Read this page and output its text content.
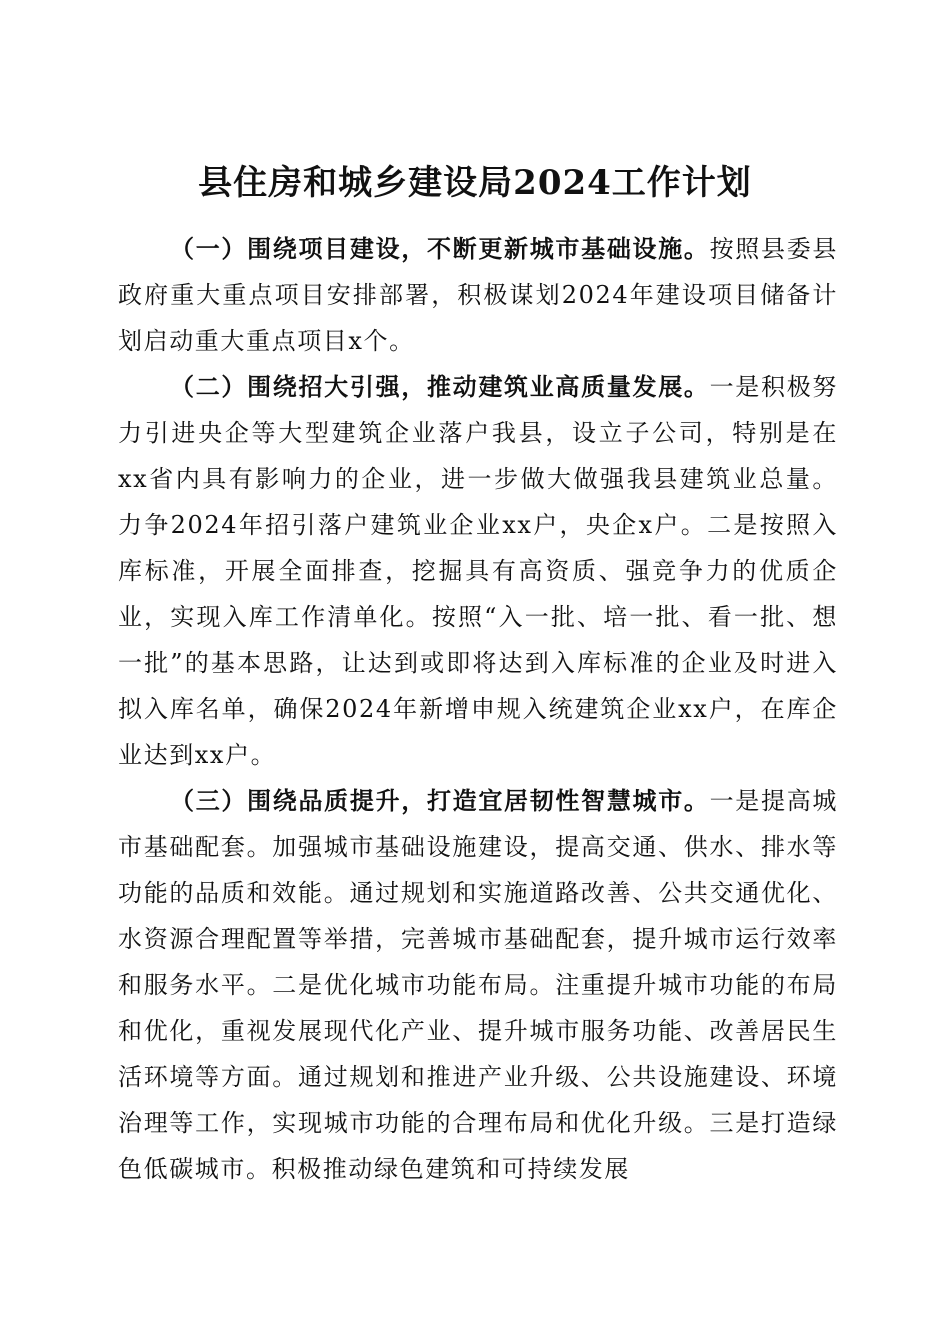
县住房和城乡建设局2024工作计划

（一）围绕项目建设，不断更新城市基础设施。按照县委县政府重大重点项目安排部署，积极谋划2024年建设项目储备计划启动重大重点项目x个。

（二）围绕招大引强，推动建筑业高质量发展。一是积极努力引进央企等大型建筑企业落户我县，设立子公司，特别是在xx省内具有影响力的企业，进一步做大做强我县建筑业总量。力争2024年招引落户建筑业企业xx户，央企x户。二是按照入库标准，开展全面排查，挖掘具有高资质、强竞争力的优质企业，实现入库工作清单化。按照“入一批、培一批、看一批、想一批”的基本思路，让达到或即将达到入库标准的企业及时进入拟入库名单，确保2024年新增申规入统建筑企业xx户，在库企业达到xx户。

（三）围绕品质提升，打造宜居韧性智慧城市。一是提高城市基础配套。加强城市基础设施建设，提高交通、供水、排水等功能的品质和效能。通过规划和实施道路改善、公共交通优化、水资源合理配置等举措，完善城市基础配套，提升城市运行效率和服务水平。二是优化城市功能布局。注重提升城市功能的布局和优化，重视发展现代化产业、提升城市服务功能、改善居民生活环境等方面。通过规划和推进产业升级、公共设施建设、环境治理等工作，实现城市功能的合理布局和优化升级。三是打造绿色低碳城市。积极推动绿色建筑和可持续发展
